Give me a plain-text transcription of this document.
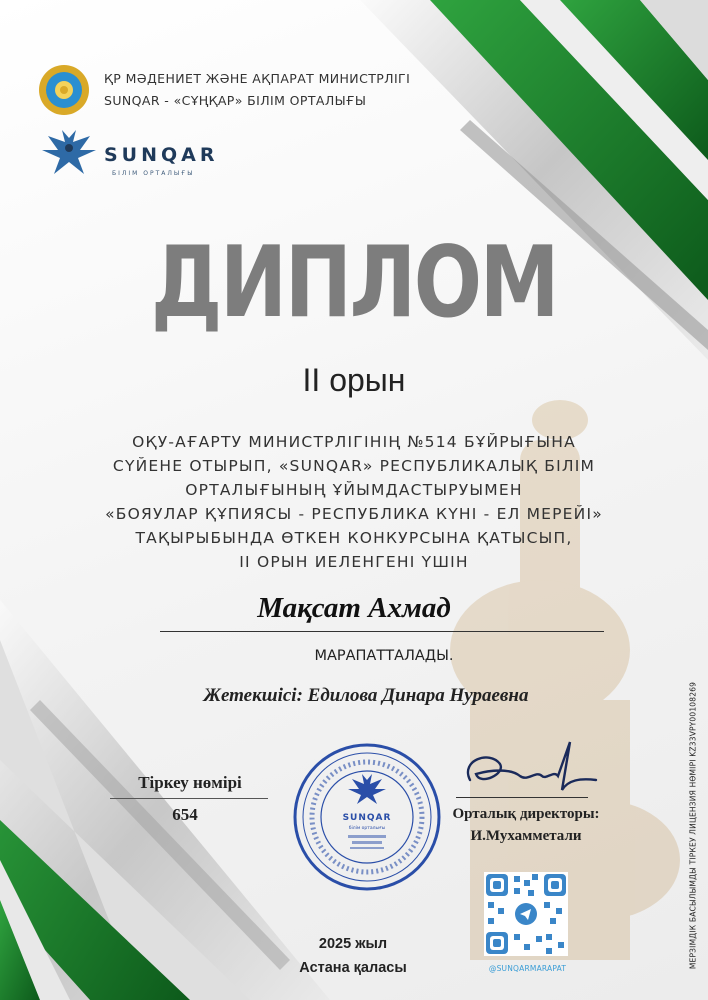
ҚР МӘДЕНИЕТ ЖӘНЕ АҚПАРАТ МИНИСТРЛІГІ
SUNQAR - «СҰҢҚАР» БІЛІМ ОРТАЛЫҒЫ
SUNQAR
БІЛІМ ОРТАЛЫҒЫ
ДИПЛОМ
II орын
ОҚУ-АҒАРТУ МИНИСТРЛІГІНІҢ №514 БҰЙРЫҒЫНА
СҮЙЕНЕ ОТЫРЫП, «SUNQAR» РЕСПУБЛИКАЛЫҚ БІЛІМ
ОРТАЛЫҒЫНЫҢ ҰЙЫМДАСТЫРУЫМЕН
«БОЯУЛАР ҚҰПИЯСЫ - РЕСПУБЛИКА КҮНІ - ЕЛ МЕРЕЙІ»
ТАҚЫРЫБЫНДА ӨТКЕН КОНКУРСЫНА ҚАТЫСЫП,
II ОРЫН ИЕЛЕНГЕНІ ҮШІН
Мақсат Ахмад
МАРАПАТТАЛАДЫ.
Жетекшісі: Едилова Динара Нураевна
Тіркеу нөмірі
654	SUNQAR
білім орталығы
Орталық директоры:
И.Мухамметали
@SUNQARMARAPAT
2025 жыл
Астана қаласы	МЕРЗІМДІК БАСЫЛЫМДЫ ТІРКЕУ ЛИЦЕНЗИЯ НӨМІРІ KZ33VPY00108269
